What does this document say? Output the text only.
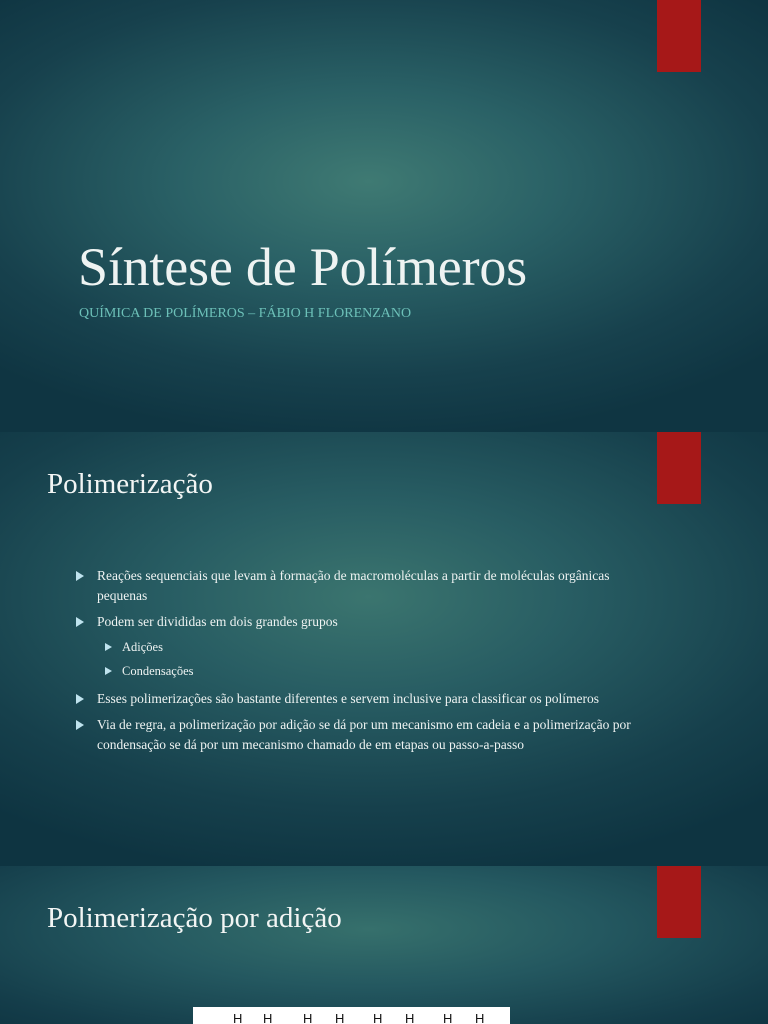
Síntese de Polímeros
QUÍMICA DE POLÍMEROS – FÁBIO H FLORENZANO
Polimerização
Reações sequenciais que levam à formação de macromoléculas a partir de moléculas orgânicas pequenas
Podem ser divididas em dois grandes grupos
Adições
Condensações
Esses polimerizações são bastante diferentes e servem inclusive para classificar os polímeros
Via de regra, a polimerização por adição se dá por um mecanismo em cadeia e a polimerização por condensação se dá por um mecanismo chamado de em etapas ou passo-a-passo
Polimerização por adição
H H H H H H H H
